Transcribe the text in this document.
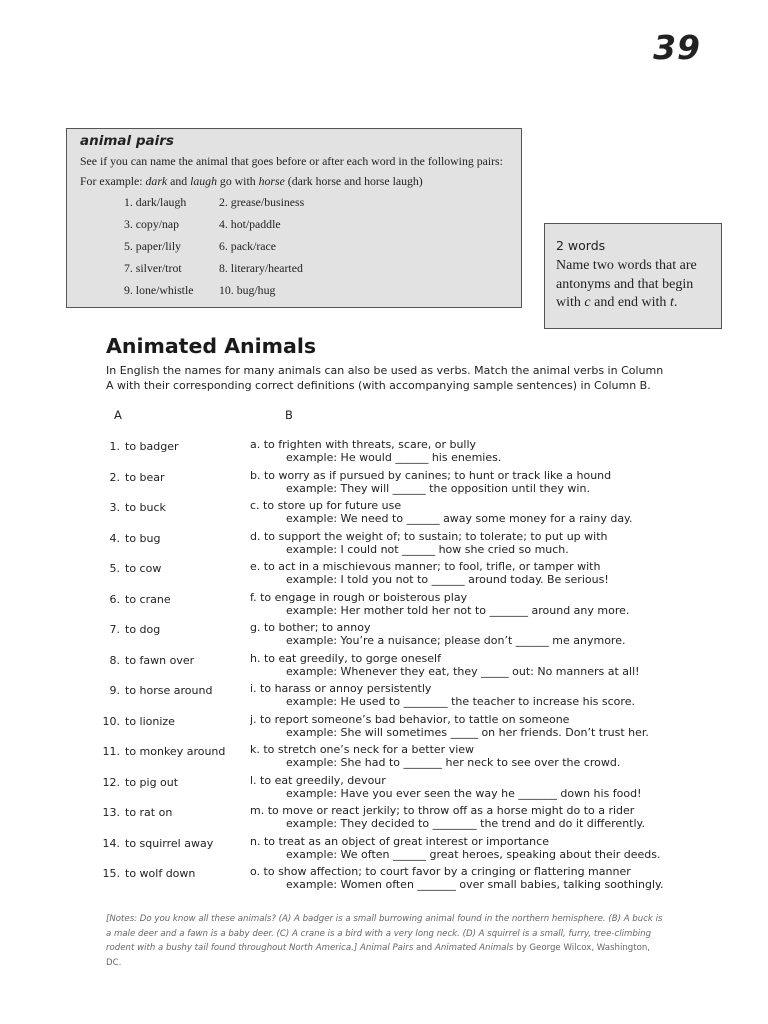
39
animal pairs
See if you can name the animal that goes before or after each word in the following pairs:
For example: dark and laugh go with horse (dark horse and horse laugh)
1. dark/laugh	2. grease/business
3. copy/nap	4. hot/paddle
5. paper/lily	6. pack/race
7. silver/trot	8. literary/hearted
9. lone/whistle	10. bug/hug
2 words
Name two words that are antonyms and that begin with c and end with t.
Animated Animals
In English the names for many animals can also be used as verbs. Match the animal verbs in Column A with their corresponding correct definitions (with accompanying sample sentences) in Column B.
A	B
1. to badger	a. to frighten with threats, scare, or bully
example: He would ______ his enemies.
2. to bear	b. to worry as if pursued by canines; to hunt or track like a hound
example: They will ______ the opposition until they win.
3. to buck	c. to store up for future use
example: We need to ______ away some money for a rainy day.
4. to bug	d. to support the weight of; to sustain; to tolerate; to put up with
example: I could not ______ how she cried so much.
5. to cow	e. to act in a mischievous manner; to fool, trifle, or tamper with
example: I told you not to ______ around today. Be serious!
6. to crane	f. to engage in rough or boisterous play
example: Her mother told her not to _______ around any more.
7. to dog	g. to bother; to annoy
example: You’re a nuisance; please don’t ______ me anymore.
8. to fawn over	h. to eat greedily, to gorge oneself
example: Whenever they eat, they _____ out: No manners at all!
9. to horse around	i. to harass or annoy persistently
example: He used to ________ the teacher to increase his score.
10. to lionize	j. to report someone’s bad behavior, to tattle on someone
example: She will sometimes _____ on her friends. Don’t trust her.
11. to monkey around k. to stretch one’s neck for a better view
example: She had to _______ her neck to see over the crowd.
12. to pig out	l. to eat greedily, devour
example: Have you ever seen the way he _______ down his food!
13. to rat on	m. to move or react jerkily; to throw off as a horse might do to a rider
example: They decided to ________ the trend and do it differently.
14. to squirrel away	n. to treat as an object of great interest or importance
example: We often ______ great heroes, speaking about their deeds.
15. to wolf down	o. to show affection; to court favor by a cringing or flattering manner
example: Women often _______ over small babies, talking soothingly.
[Notes: Do you know all these animals? (A) A badger is a small burrowing animal found in the northern hemisphere. (B) A buck is a male deer and a fawn is a baby deer. (C) A crane is a bird with a very long neck. (D) A squirrel is a small, furry, tree-climbing rodent with a bushy tail found throughout North America.] Animal Pairs and Animated Animals by George Wilcox, Washington, DC.
